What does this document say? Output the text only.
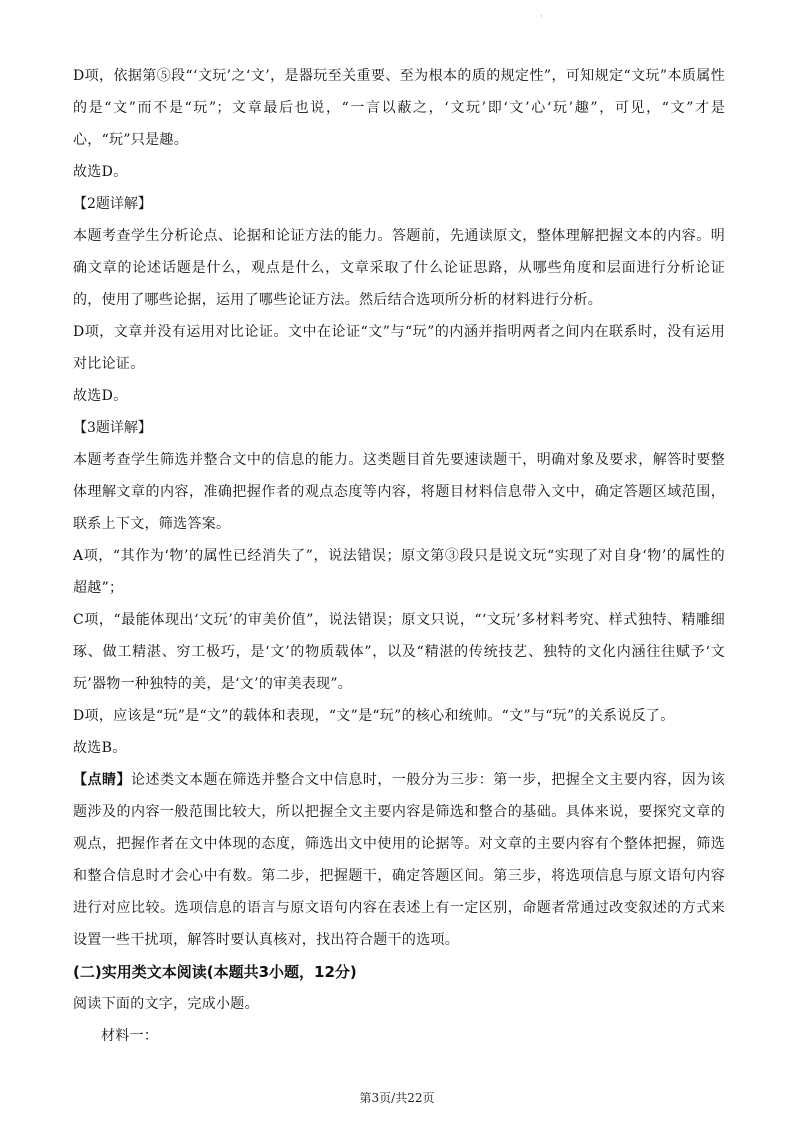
·

D项，依据第⑤段“‘文玩’之‘文’，是器玩至关重要、至为根本的质的规定性”，可知规定“文玩”本质属性的是“文”而不是“玩”；文章最后也说，“一言以蔽之，‘文玩’即‘文’心‘玩’趣”，可见，“文”才是心，“玩”只是趣。

故选D。

【2题详解】

本题考查学生分析论点、论据和论证方法的能力。答题前，先通读原文，整体理解把握文本的内容。明确文章的论述话题是什么，观点是什么，文章采取了什么论证思路，从哪些角度和层面进行分析论证的，使用了哪些论据，运用了哪些论证方法。然后结合选项所分析的材料进行分析。

D项，文章并没有运用对比论证。文中在论证“文”与“玩”的内涵并指明两者之间内在联系时，没有运用对比论证。

故选D。

【3题详解】

本题考查学生筛选并整合文中的信息的能力。这类题目首先要速读题干，明确对象及要求，解答时要整体理解文章的内容，准确把握作者的观点态度等内容，将题目材料信息带入文中，确定答题区域范围，联系上下文，筛选答案。

A项，“其作为‘物’的属性已经消失了”，说法错误；原文第③段只是说文玩“实现了对自身‘物’的属性的超越”；

C项，“最能体现出‘文玩’的审美价值”，说法错误；原文只说，“‘文玩’多材料考究、样式独特、精雕细琢、做工精湛、穷工极巧，是‘文’的物质载体”，以及“精湛的传统技艺、独特的文化内涵往往赋予‘文玩’器物一种独特的美，是‘文’的审美表现”。

D项，应该是“玩”是“文”的载体和表现，“文”是“玩”的核心和统帅。“文”与“玩”的关系说反了。

故选B。

【点睛】论述类文本题在筛选并整合文中信息时，一般分为三步：第一步，把握全文主要内容，因为该题涉及的内容一般范围比较大，所以把握全文主要内容是筛选和整合的基础。具体来说，要探究文章的观点，把握作者在文中体现的态度，筛选出文中使用的论据等。对文章的主要内容有个整体把握，筛选和整合信息时才会心中有数。第二步，把握题干，确定答题区间。第三步，将选项信息与原文语句内容进行对应比较。选项信息的语言与原文语句内容在表述上有一定区别，命题者常通过改变叙述的方式来设置一些干扰项，解答时要认真核对，找出符合题干的选项。

(二)实用类文本阅读(本题共3小题，12分)

阅读下面的文字，完成小题。

材料一：

第3页/共22页
